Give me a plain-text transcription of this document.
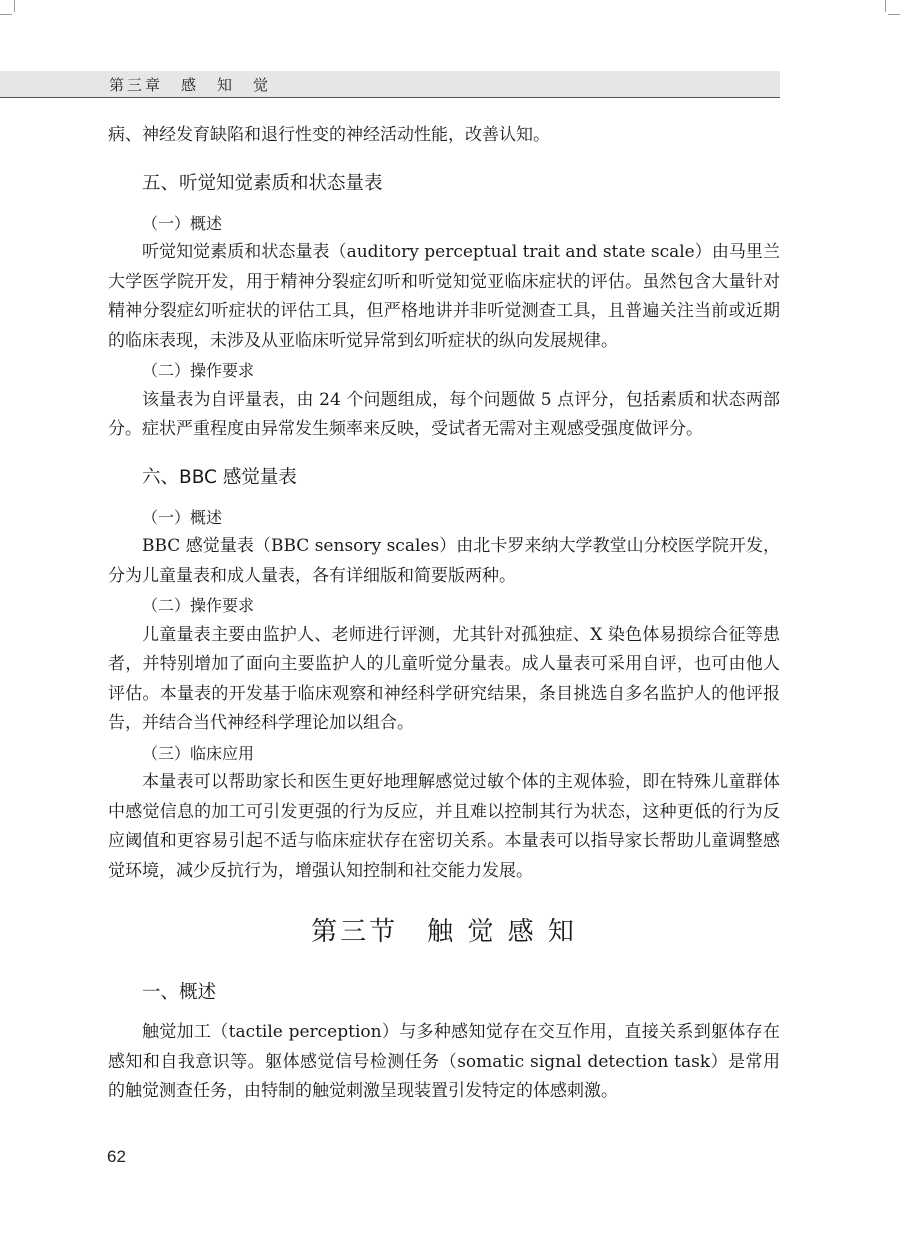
第三章　感　知　觉

病、神经发育缺陷和退行性变的神经活动性能，改善认知。

五、听觉知觉素质和状态量表
（一）概述

听觉知觉素质和状态量表（auditory perceptual trait and state scale）由马里兰大学医学院开发，用于精神分裂症幻听和听觉知觉亚临床症状的评估。虽然包含大量针对精神分裂症幻听症状的评估工具，但严格地讲并非听觉测查工具，且普遍关注当前或近期的临床表现，未涉及从亚临床听觉异常到幻听症状的纵向发展规律。

（二）操作要求

该量表为自评量表，由 24 个问题组成，每个问题做 5 点评分，包括素质和状态两部分。症状严重程度由异常发生频率来反映，受试者无需对主观感受强度做评分。

六、BBC 感觉量表
（一）概述

BBC 感觉量表（BBC sensory scales）由北卡罗来纳大学教堂山分校医学院开发，分为儿童量表和成人量表，各有详细版和简要版两种。

（二）操作要求

儿童量表主要由监护人、老师进行评测，尤其针对孤独症、X 染色体易损综合征等患者，并特别增加了面向主要监护人的儿童听觉分量表。成人量表可采用自评，也可由他人评估。本量表的开发基于临床观察和神经科学研究结果，条目挑选自多名监护人的他评报告，并结合当代神经科学理论加以组合。

（三）临床应用

本量表可以帮助家长和医生更好地理解感觉过敏个体的主观体验，即在特殊儿童群体中感觉信息的加工可引发更强的行为反应，并且难以控制其行为状态，这种更低的行为反应阈值和更容易引起不适与临床症状存在密切关系。本量表可以指导家长帮助儿童调整感觉环境，减少反抗行为，增强认知控制和社交能力发展。

第三节　触 觉 感 知
一、概述

触觉加工（tactile perception）与多种感知觉存在交互作用，直接关系到躯体存在感知和自我意识等。躯体感觉信号检测任务（somatic signal detection task）是常用的触觉测查任务，由特制的触觉刺激呈现装置引发特定的体感刺激。

62
